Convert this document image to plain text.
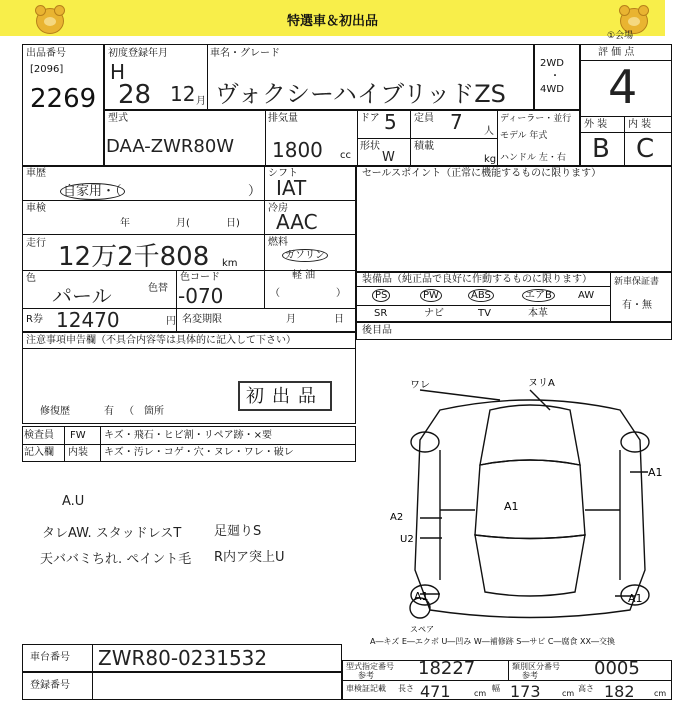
特選車＆初出品
①会場
出品番号
[2096]
2269
初度登録年月
H
28 12 月
車名・グレード
ヴォクシーハイブリッドZS
2WD
・
4WD
評 価 点
4
外 装 内 装
B C
型式
DAA-ZWR80W
排気量
1800 cc
ドア 5 定員 7 人
形状
W
積載
kg
ディーラー・並行
モデル 年式
ハンドル 左・右
車歴
自家用・（	）
車検
年	月(	日)
走行 12万2千808 km
色
パール	色替
色コード
-070
R券 12470	円 名変期限	月	日
シフト
IAT
冷房
AAC
燃料
ガソリン
軽 油
（	）
セールスポイント（正常に機能するものに限ります）
装備品（純正品で良好に作動するものに限ります）
PS	PW	ABS	エアB	AW
SR	ナビ	TV	本革
新車保証書
有・無
後目品
注意事項申告欄（不具合内容等は具体的に記入して下さい）
初出品
修復歴	有 （　箇所
検査員
記入欄
FW キズ・飛石・ヒビ割・リペア跡・×要
内装 キズ・汚レ・コゲ・穴・ヌレ・ワレ・破レ
A.U
タレAW. スタッドレスT	足廻りS
天ババミちれ. ペイント毛 R内ア突上U
ワレ	ヌリA
A1
A1
A2
U2
A1	A1
スペア
A―キズ E―エクボ U―凹み W―補修跡 S―サビ C―腐食 XX―交換
車台番号 ZWR80-0231532
登録番号
型式指定番号
参考 18227	類別区分番号
参考	0005
車検証記載 長さ 471	cm
幅 173	cm
高さ 182 cm
